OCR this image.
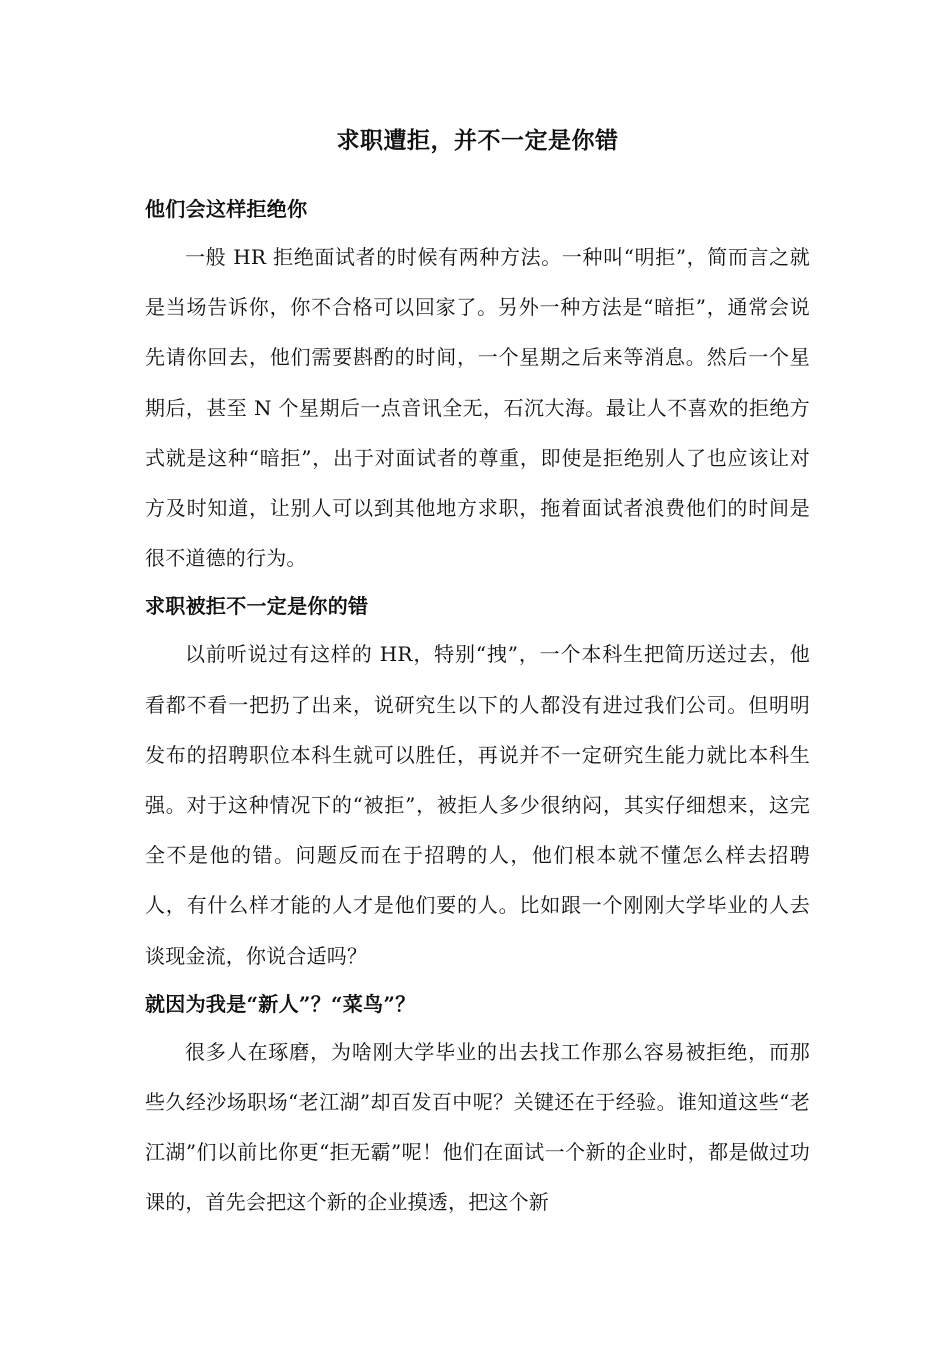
求职遭拒，并不一定是你错
他们会这样拒绝你

一般 HR 拒绝面试者的时候有两种方法。一种叫“明拒”，简而言之就是当场告诉你，你不合格可以回家了。另外一种方法是“暗拒”，通常会说先请你回去，他们需要斟酌的时间，一个星期之后来等消息。然后一个星期后，甚至 N 个星期后一点音讯全无，石沉大海。最让人不喜欢的拒绝方式就是这种“暗拒”，出于对面试者的尊重，即使是拒绝别人了也应该让对方及时知道，让别人可以到其他地方求职，拖着面试者浪费他们的时间是很不道德的行为。

求职被拒不一定是你的错

以前听说过有这样的 HR，特别“拽”，一个本科生把简历送过去，他看都不看一把扔了出来，说研究生以下的人都没有进过我们公司。但明明发布的招聘职位本科生就可以胜任，再说并不一定研究生能力就比本科生强。对于这种情况下的“被拒”，被拒人多少很纳闷，其实仔细想来，这完全不是他的错。问题反而在于招聘的人，他们根本就不懂怎么样去招聘人，有什么样才能的人才是他们要的人。比如跟一个刚刚大学毕业的人去谈现金流，你说合适吗？

就因为我是“新人”？“菜鸟”？

很多人在琢磨，为啥刚大学毕业的出去找工作那么容易被拒绝，而那些久经沙场职场“老江湖”却百发百中呢？关键还在于经验。谁知道这些“老江湖”们以前比你更“拒无霸”呢！他们在面试一个新的企业时，都是做过功课的，首先会把这个新的企业摸透，把这个新
